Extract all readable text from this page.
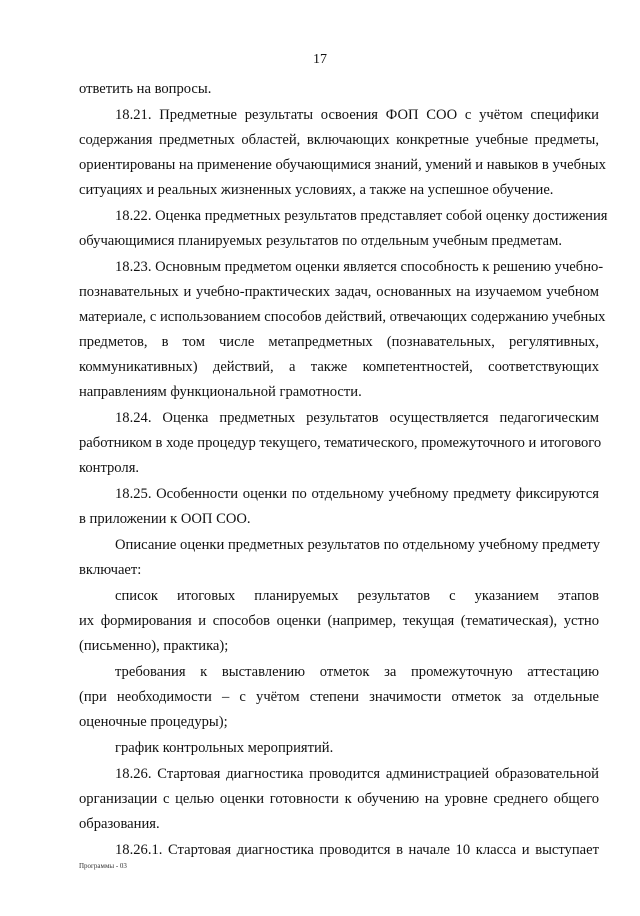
17
ответить на вопросы.
18.21. Предметные результаты освоения ФОП СОО с учётом специфики
содержания предметных областей, включающих конкретные учебные предметы,
ориентированы на применение обучающимися знаний, умений и навыков в учебных
ситуациях и реальных жизненных условиях, а также на успешное обучение.
18.22. Оценка предметных результатов представляет собой оценку достижения
обучающимися планируемых результатов по отдельным учебным предметам.
18.23. Основным предметом оценки является способность к решению учебно-
познавательных и учебно-практических задач, основанных на изучаемом учебном
материале, с использованием способов действий, отвечающих содержанию учебных
предметов, в том числе метапредметных (познавательных, регулятивных,
коммуникативных) действий, а также компетентностей, соответствующих
направлениям функциональной грамотности.
18.24. Оценка предметных результатов осуществляется педагогическим
работником в ходе процедур текущего, тематического, промежуточного и итогового
контроля.
18.25. Особенности оценки по отдельному учебному предмету фиксируются
в приложении к ООП СОО.
Описание оценки предметных результатов по отдельному учебному предмету
включает:
список итоговых планируемых результатов с указанием этапов
их формирования и способов оценки (например, текущая (тематическая), устно
(письменно), практика);
требования к выставлению отметок за промежуточную аттестацию
(при необходимости – с учётом степени значимости отметок за отдельные
оценочные процедуры);
график контрольных мероприятий.
18.26. Стартовая диагностика проводится администрацией образовательной
организации с целью оценки готовности к обучению на уровне среднего общего
образования.
18.26.1. Стартовая диагностика проводится в начале 10 класса и выступает
Программы - 03
